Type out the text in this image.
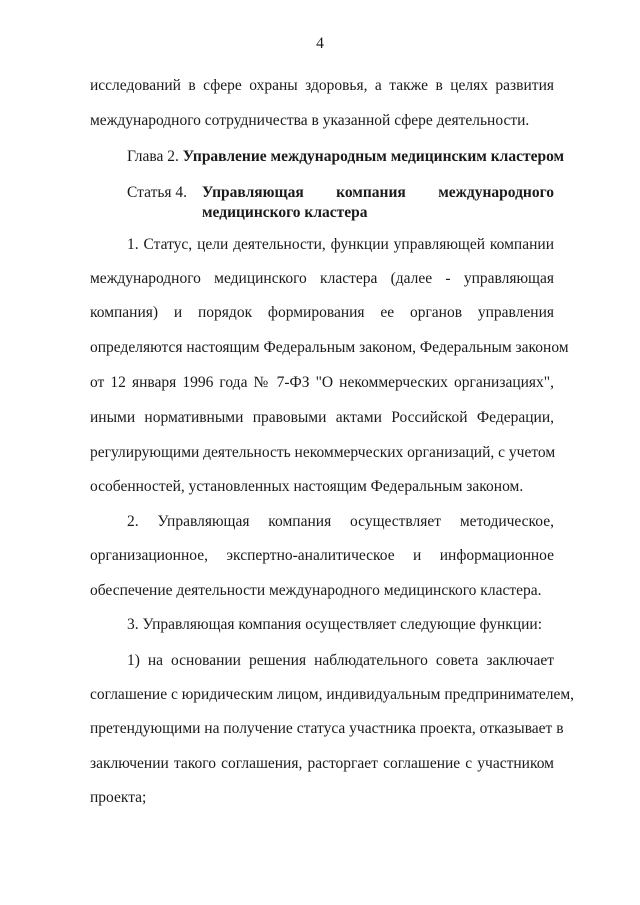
4

исследований в сфере охраны здоровья, а также в целях развития

международного сотрудничества в указанной сфере деятельности.

Глава 2. Управление международным медицинским кластером
Статья 4. Управляющая компания международного
медицинского кластера

1. Статус, цели деятельности, функции управляющей компании

международного медицинского кластера (далее - управляющая

компания) и порядок формирования ее органов управления

определяются настоящим Федеральным законом, Федеральным законом

от 12 января 1996 года № 7-ФЗ "О некоммерческих организациях",

иными нормативными правовыми актами Российской Федерации,

регулирующими деятельность некоммерческих организаций, с учетом

особенностей, установленных настоящим Федеральным законом.

2. Управляющая компания осуществляет методическое,

организационное, экспертно-аналитическое и информационное

обеспечение деятельности международного медицинского кластера.

3. Управляющая компания осуществляет следующие функции:

1) на основании решения наблюдательного совета заключает

соглашение с юридическим лицом, индивидуальным предпринимателем,

претендующими на получение статуса участника проекта, отказывает в

заключении такого соглашения, расторгает соглашение с участником

проекта;
